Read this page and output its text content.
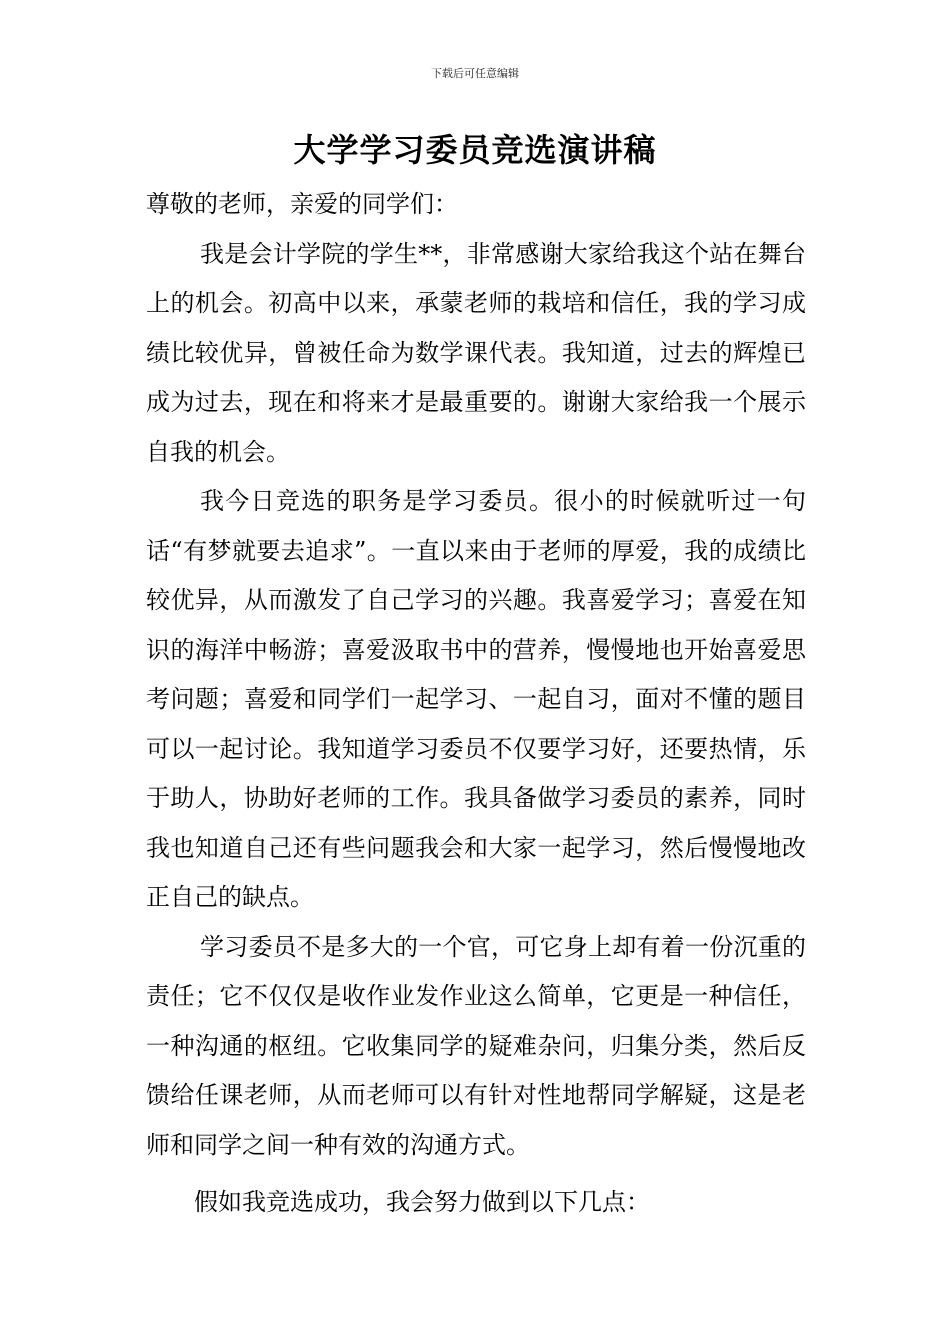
下载后可任意编辑
大学学习委员竞选演讲稿

尊敬的老师，亲爱的同学们：

我是会计学院的学生**，非常感谢大家给我这个站在舞台上的机会。初高中以来，承蒙老师的栽培和信任，我的学习成绩比较优异，曾被任命为数学课代表。我知道，过去的辉煌已成为过去，现在和将来才是最重要的。谢谢大家给我一个展示自我的机会。

我今日竞选的职务是学习委员。很小的时候就听过一句话“有梦就要去追求”。一直以来由于老师的厚爱，我的成绩比较优异，从而激发了自己学习的兴趣。我喜爱学习；喜爱在知识的海洋中畅游；喜爱汲取书中的营养，慢慢地也开始喜爱思考问题；喜爱和同学们一起学习、一起自习，面对不懂的题目可以一起讨论。我知道学习委员不仅要学习好，还要热情，乐于助人，协助好老师的工作。我具备做学习委员的素养，同时我也知道自己还有些问题我会和大家一起学习，然后慢慢地改正自己的缺点。

学习委员不是多大的一个官，可它身上却有着一份沉重的责任；它不仅仅是收作业发作业这么简单，它更是一种信任，一种沟通的枢纽。它收集同学的疑难杂问，归集分类，然后反馈给任课老师，从而老师可以有针对性地帮同学解疑，这是老师和同学之间一种有效的沟通方式。

假如我竞选成功，我会努力做到以下几点：
